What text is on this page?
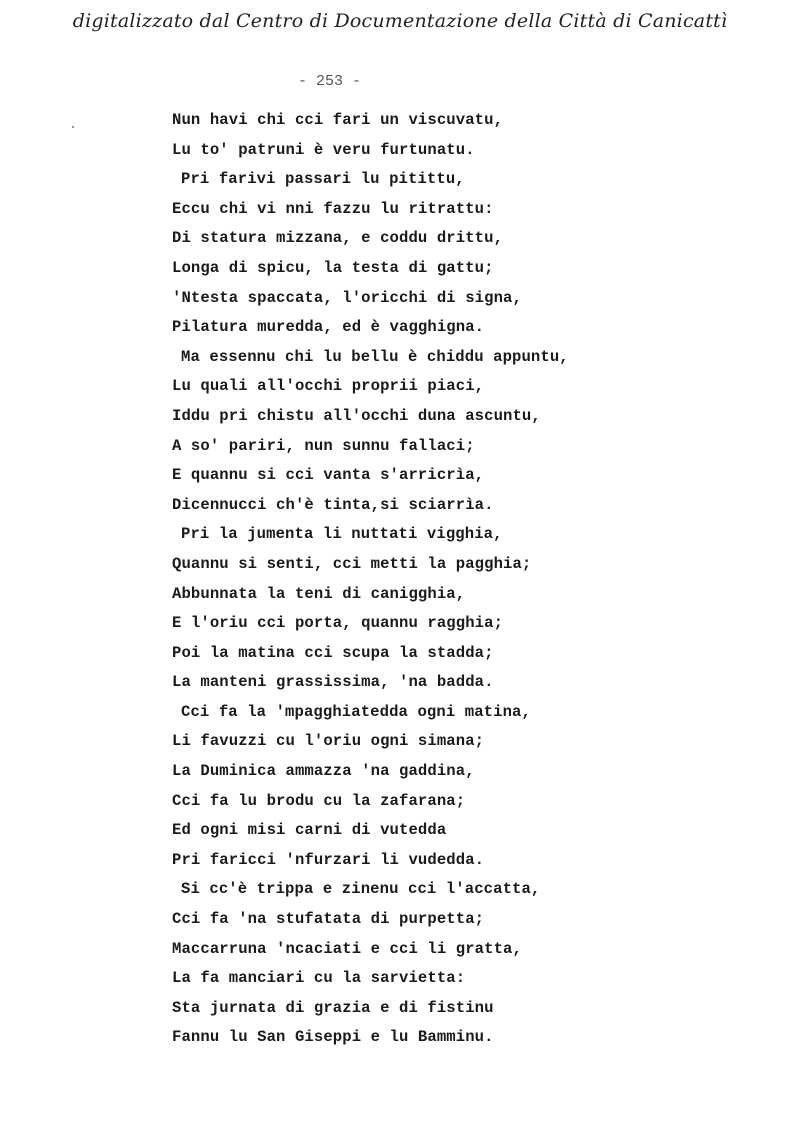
digitalizzato dal Centro di Documentazione della Città di Canicattì
- 253 -
Nun havi chi cci fari un viscuvatu,
Lu to' patruni è veru furtunatu.
Pri farivi passari lu pitittu,
Eccu chi vi nni fazzu lu ritrattu:
Di statura mizzana, e coddu drittu,
Longa di spicu, la testa di gattu;
'Ntesta spaccata, l'oricchi di signa,
Pilatura muredda, ed è vagghigna.
Ma essennu chi lu bellu è chiddu appuntu,
Lu quali all'occhi proprii piaci,
Iddu pri chistu all'occhi duna ascuntu,
A so' pariri, nun sunnu fallaci;
E quannu si cci vanta s'arricrìa,
Dicennucci ch'è tinta,si sciarrìa.
Pri la jumenta li nuttati vigghia,
Quannu si senti, cci metti la pagghia;
Abbunnata la teni di canigghia,
E l'oriu cci porta, quannu ragghia;
Poi la matina cci scupa la stadda;
La manteni grassissima, 'na badda.
Cci fa la 'mpagghiatedda ogni matina,
Li favuzzi cu l'oriu ogni simana;
La Duminica ammazza 'na gaddina,
Cci fa lu brodu cu la zafarana;
Ed ogni misi carni di vutedda
Pri faricci 'nfurzari li vudedda.
Si cc'è trippa e zinenu cci l'accatta,
Cci fa 'na stufatata di purpetta;
Maccarruna 'ncaciati e cci li gratta,
La fa manciari cu la sarvietta:
Sta jurnata di grazia e di fistinu
Fannu lu San Giseppi e lu Bamminu.
